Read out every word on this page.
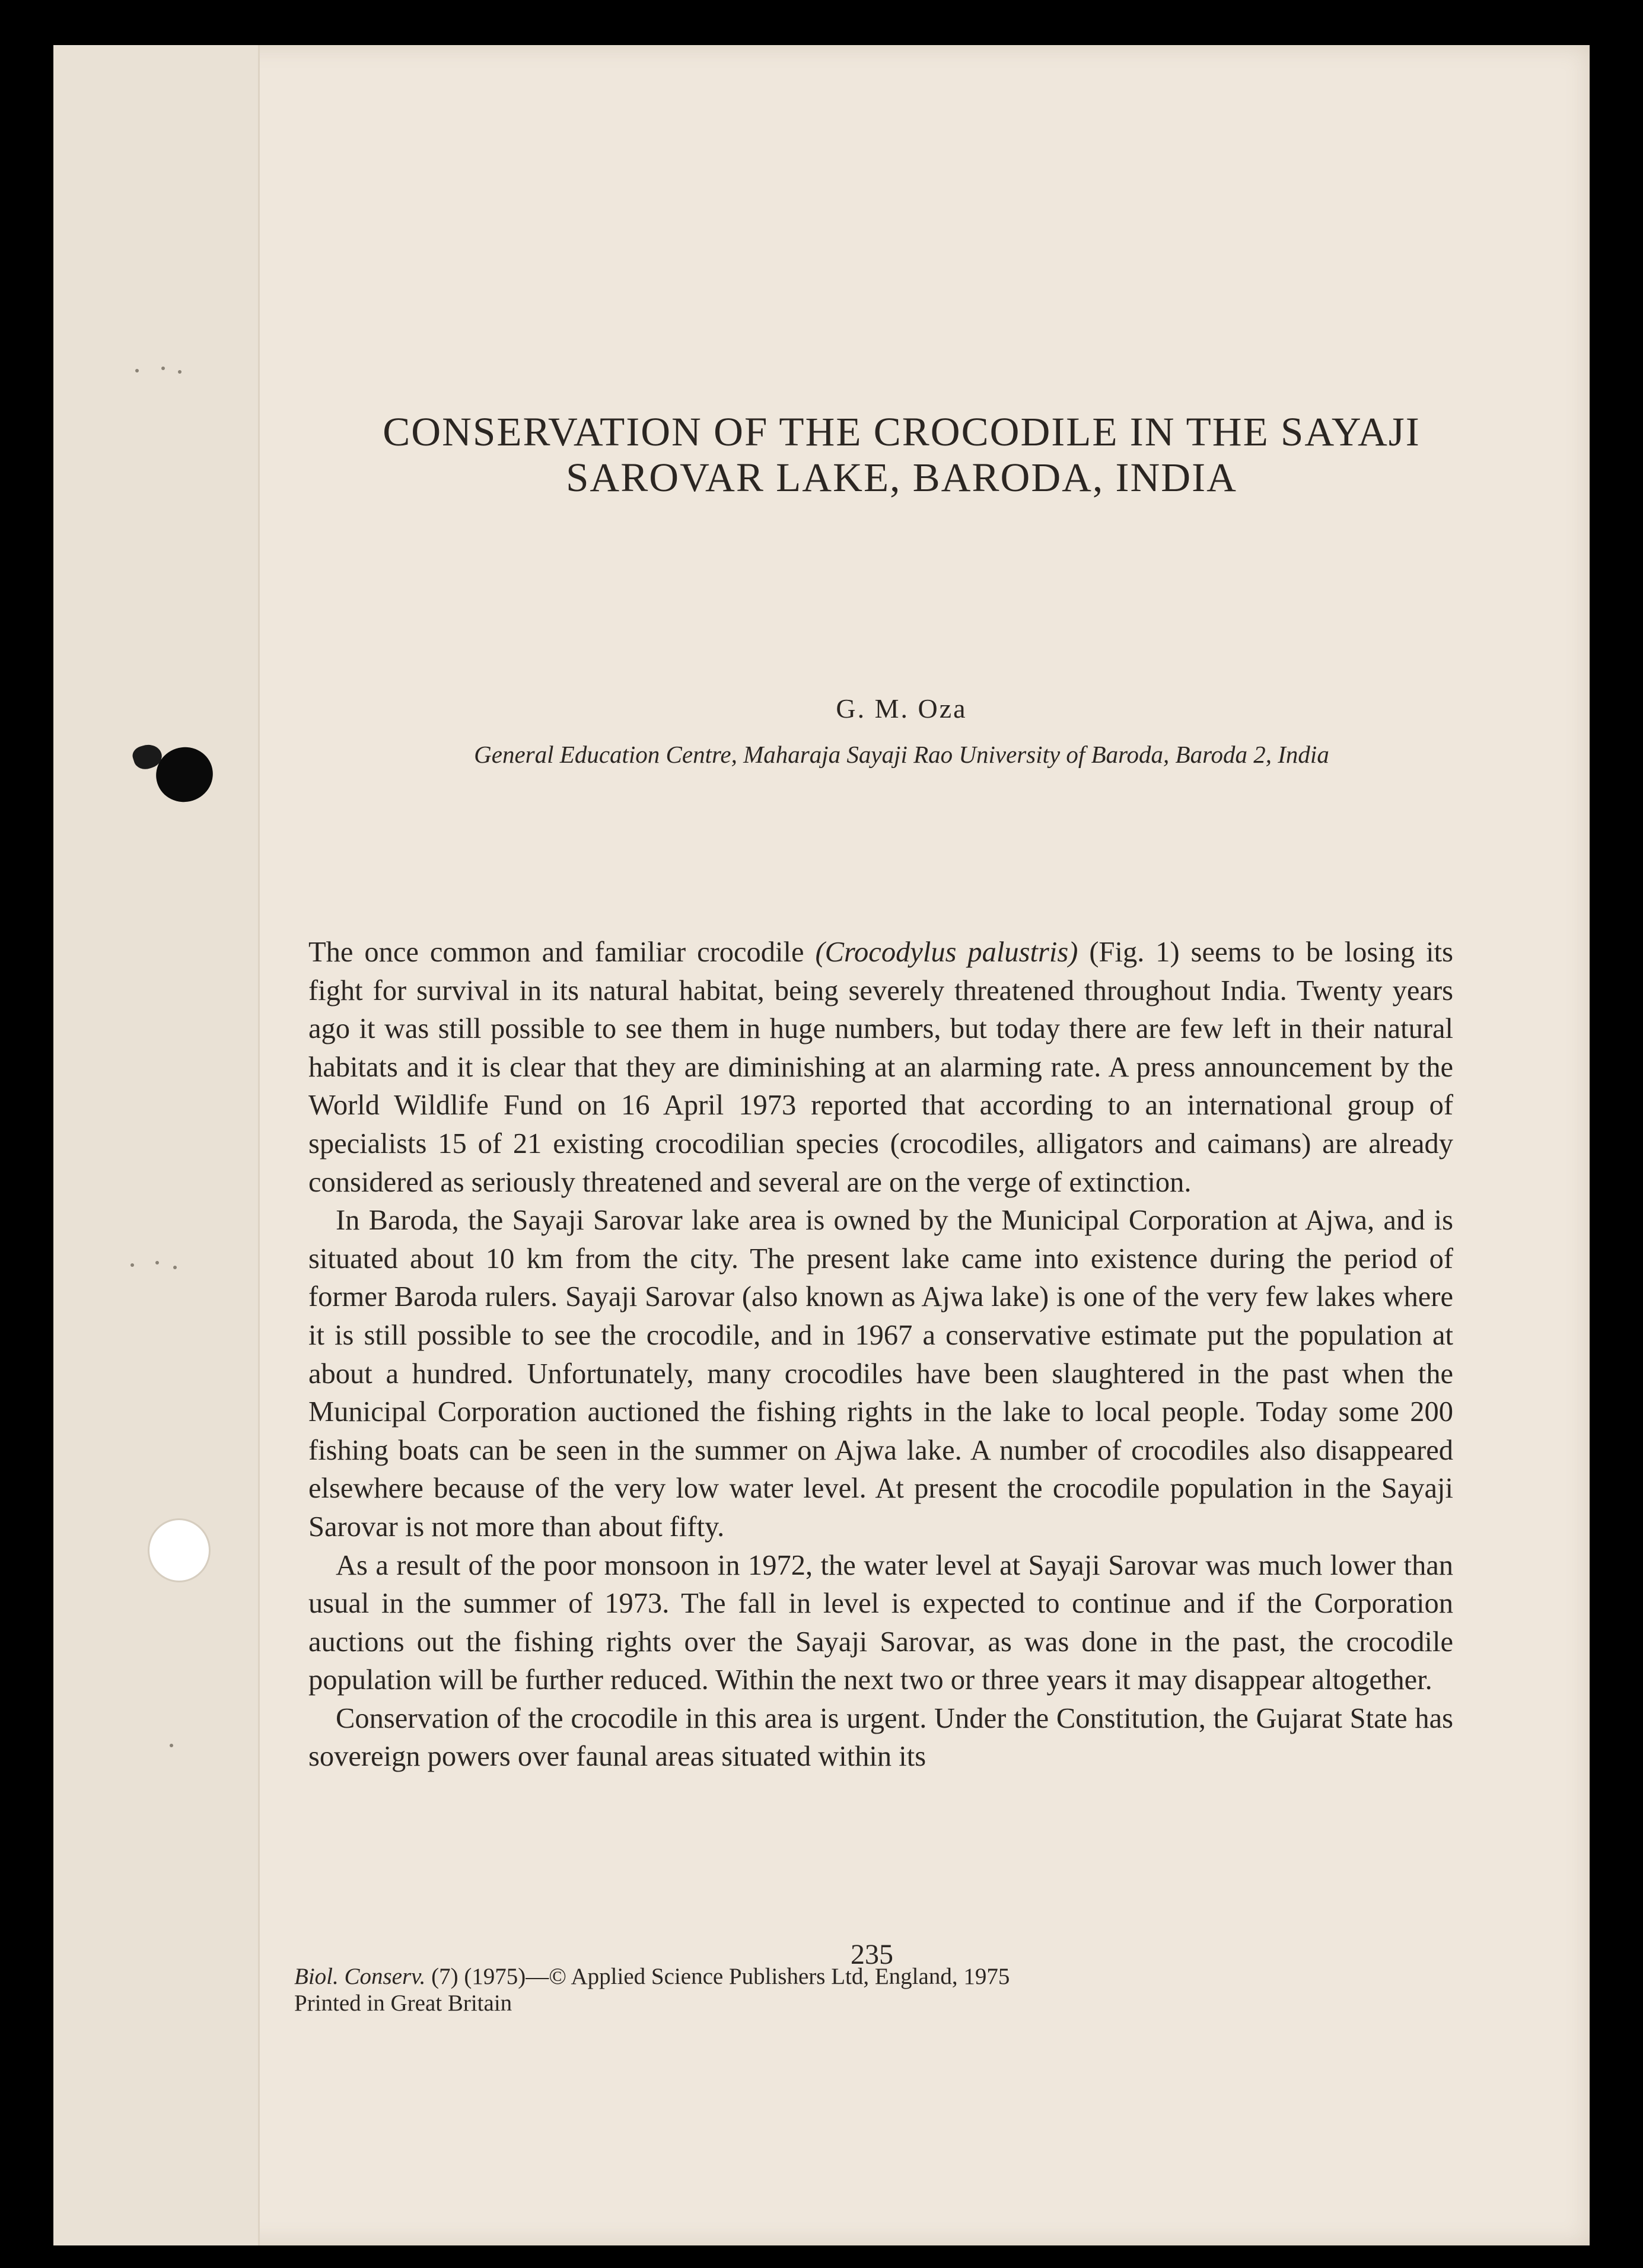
CONSERVATION OF THE CROCODILE IN THE SAYAJI
SAROVAR LAKE, BARODA, INDIA
G. M. Oza
General Education Centre, Maharaja Sayaji Rao University of Baroda, Baroda 2, India

The once common and familiar crocodile (Crocodylus palustris) (Fig. 1) seems to be losing its fight for survival in its natural habitat, being severely threatened throughout India. Twenty years ago it was still possible to see them in huge numbers, but today there are few left in their natural habitats and it is clear that they are diminishing at an alarming rate. A press announcement by the World Wildlife Fund on 16 April 1973 reported that according to an international group of specialists 15 of 21 existing crocodilian species (crocodiles, alligators and caimans) are already considered as seriously threatened and several are on the verge of extinction.

In Baroda, the Sayaji Sarovar lake area is owned by the Municipal Corporation at Ajwa, and is situated about 10 km from the city. The present lake came into existence during the period of former Baroda rulers. Sayaji Sarovar (also known as Ajwa lake) is one of the very few lakes where it is still possible to see the crocodile, and in 1967 a conservative estimate put the population at about a hundred. Unfortunately, many crocodiles have been slaughtered in the past when the Municipal Corporation auctioned the fishing rights in the lake to local people. Today some 200 fishing boats can be seen in the summer on Ajwa lake. A number of crocodiles also disappeared elsewhere because of the very low water level. At present the crocodile population in the Sayaji Sarovar is not more than about fifty.

As a result of the poor monsoon in 1972, the water level at Sayaji Sarovar was much lower than usual in the summer of 1973. The fall in level is expected to continue and if the Corporation auctions out the fishing rights over the Sayaji Sarovar, as was done in the past, the crocodile population will be further reduced. Within the next two or three years it may disappear altogether.

Conservation of the crocodile in this area is urgent. Under the Constitution, the Gujarat State has sovereign powers over faunal areas situated within its

235
Biol. Conserv. (7) (1975)—© Applied Science Publishers Ltd, England, 1975
Printed in Great Britain
